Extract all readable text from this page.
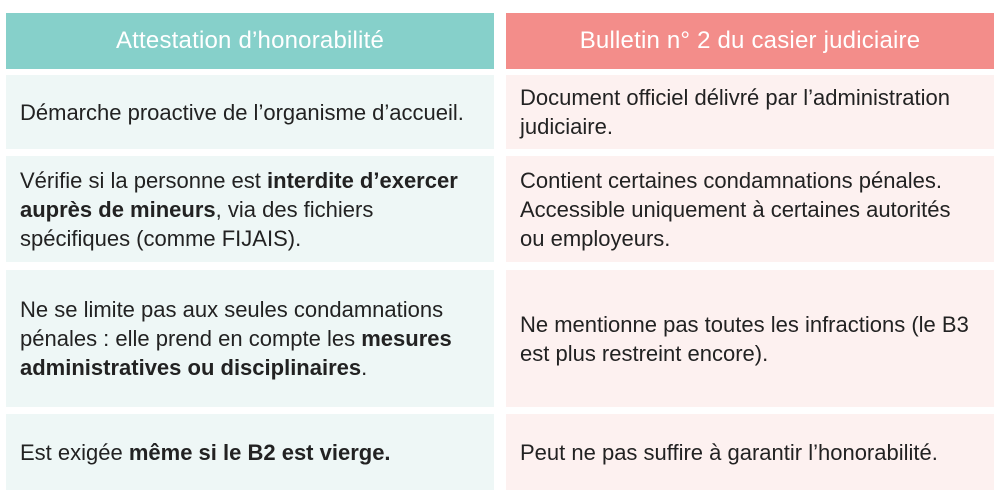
Attestation d’honorabilité	Bulletin n° 2 du casier judiciaire
Démarche proactive de l’organisme d’accueil.
Document officiel délivré par l’administration judiciaire.
Vérifie si la personne est interdite d’exercer auprès de mineurs, via des fichiers spécifiques (comme FIJAIS).
Contient certaines condamnations pénales. Accessible uniquement à certaines autorités ou employeurs.
Ne se limite pas aux seules condamnations pénales : elle prend en compte les mesures administratives ou disciplinaires.
Ne mentionne pas toutes les infractions (le B3 est plus restreint encore).
Est exigée même si le B2 est vierge.	Peut ne pas suffire à garantir l’honorabilité.
